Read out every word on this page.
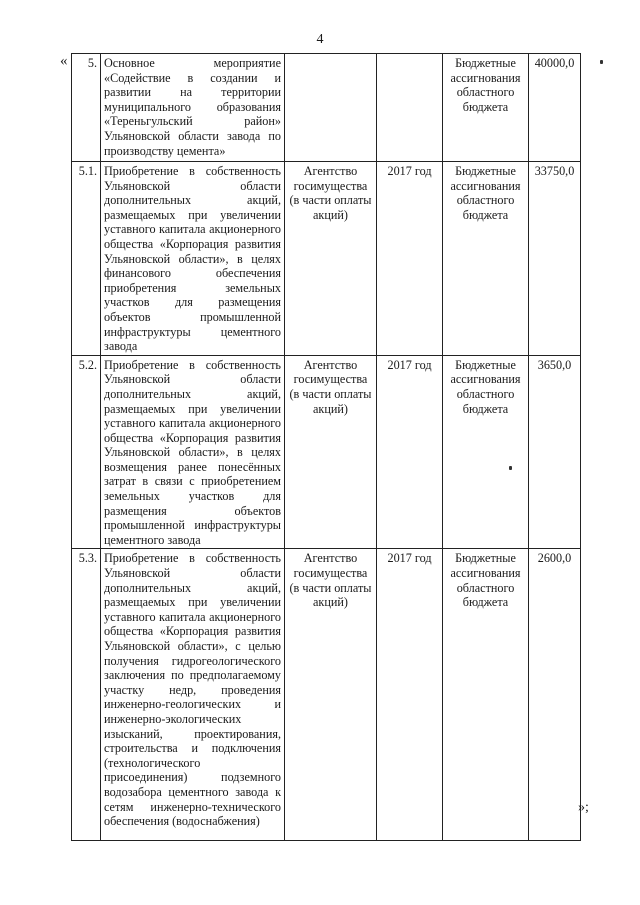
4
« 5.	Основное мероприятие «Содействие в создании и развитии на территории муниципального образования «Тереньгульский район» Ульяновской области завода по производству цемента»			Бюджетные ассигнования областного бюджета	40000,0
5.1.	Приобретение в собственность Ульяновской области дополнительных акций, размещаемых при увеличении уставного капитала акционерного общества «Корпорация развития Ульяновской области», в целях финансового обеспечения приобретения земельных участков для размещения объектов промышленной инфраструктуры цементного завода	Агентство госимущества (в части оплаты акций)	2017 год	Бюджетные ассигнования областного бюджета	33750,0
5.2.	Приобретение в собственность Ульяновской области дополнительных акций, размещаемых при увеличении уставного капитала акционерного общества «Корпорация развития Ульяновской области», в целях возмещения ранее понесённых затрат в связи с приобретением земельных участков для размещения объектов промышленной инфраструктуры цементного завода	Агентство госимущества (в части оплаты акций)	2017 год	Бюджетные ассигнования областного бюджета	3650,0
5.3.	Приобретение в собственность Ульяновской области дополнительных акций, размещаемых при увеличении уставного капитала акционерного общества «Корпорация развития Ульяновской области», с целью получения гидрогеологического заключения по предполагаемому участку недр, проведения инженерно-геологических и инженерно-экологических изысканий, проектирования, строительства и подключения (технологического присоединения) подземного водозабора цементного завода к сетям инженерно-технического обеспечения (водоснабжения)	Агентство госимущества (в части оплаты акций)	2017 год	Бюджетные ассигнования областного бюджета	2600,0
»;
